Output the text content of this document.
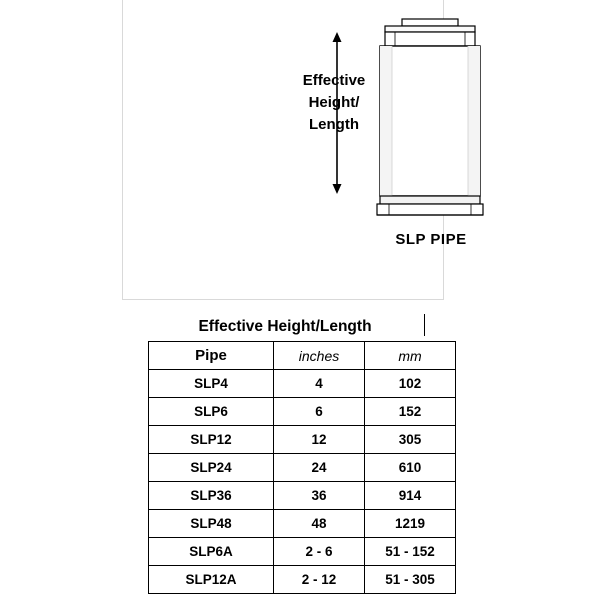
Effective
Height/
Length
SLP PIPE
Effective Height/Length
Pipe	inches	mm
SLP4	4	102
SLP6	6	152
SLP12	12	305
SLP24	24	610
SLP36	36	914
SLP48	48	1219
SLP6A	2 - 6	51 - 152
SLP12A	2 - 12	51 - 305
